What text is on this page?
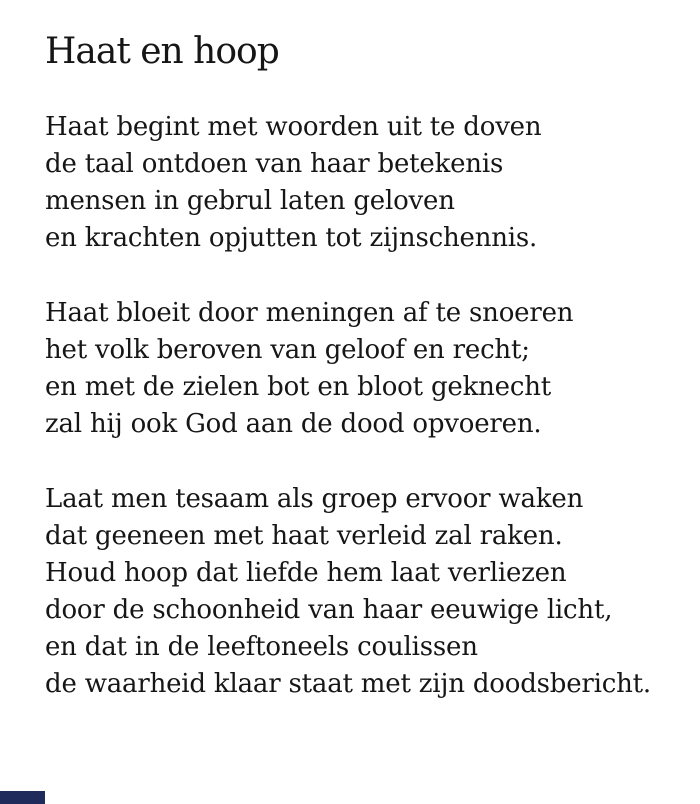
Haat en hoop

Haat begint met woorden uit te doven
de taal ontdoen van haar betekenis
mensen in gebrul laten geloven
en krachten opjutten tot zijnschennis.

Haat bloeit door meningen af te snoeren
het volk beroven van geloof en recht;
en met de zielen bot en bloot geknecht
zal hij ook God aan de dood opvoeren.

Laat men tesaam als groep ervoor waken
dat geeneen met haat verleid zal raken.
Houd hoop dat liefde hem laat verliezen
door de schoonheid van haar eeuwige licht,
en dat in de leeftoneels coulissen
de waarheid klaar staat met zijn doodsbericht.
